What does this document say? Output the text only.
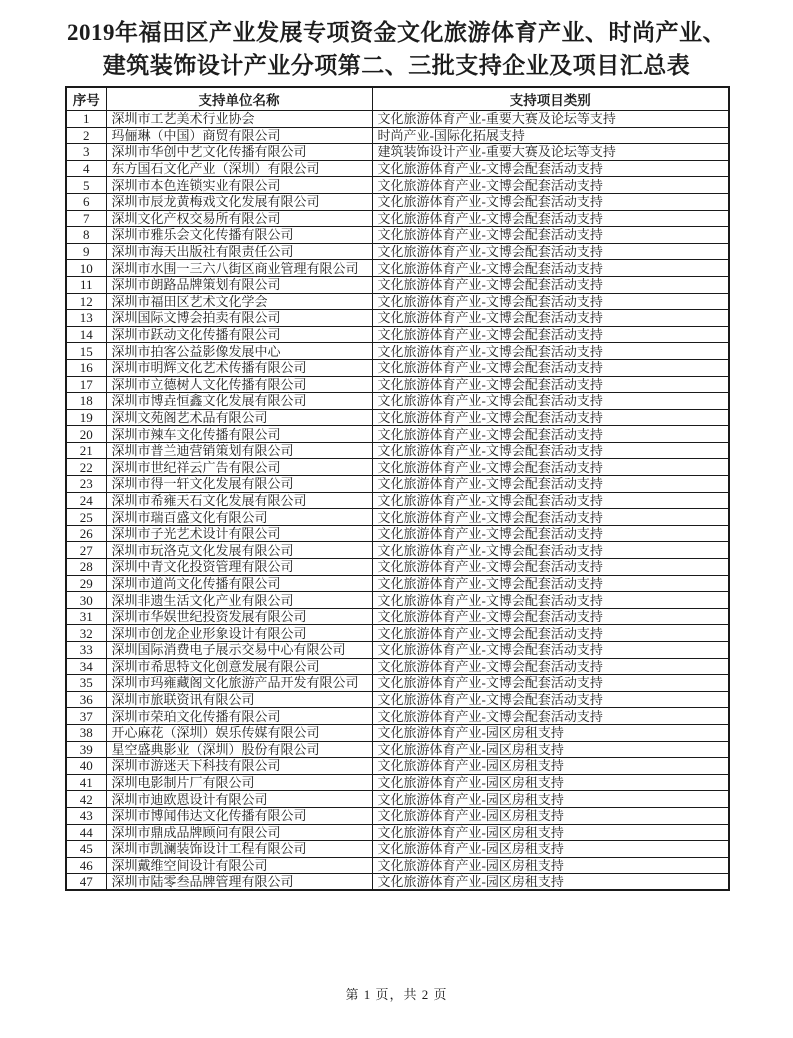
2019年福田区产业发展专项资金文化旅游体育产业、时尚产业、
建筑装饰设计产业分项第二、三批支持企业及项目汇总表
序号	支持单位名称	支持项目类别
1	深圳市工艺美术行业协会	文化旅游体育产业-重要大赛及论坛等支持
2	玛俪琳（中国）商贸有限公司	时尚产业-国际化拓展支持
3	深圳市华创中艺文化传播有限公司	建筑装饰设计产业-重要大赛及论坛等支持
4	东方国石文化产业（深圳）有限公司	文化旅游体育产业-文博会配套活动支持
5	深圳市本色连锁实业有限公司	文化旅游体育产业-文博会配套活动支持
6	深圳市辰龙黄梅戏文化发展有限公司	文化旅游体育产业-文博会配套活动支持
7	深圳文化产权交易所有限公司	文化旅游体育产业-文博会配套活动支持
8	深圳市雅乐会文化传播有限公司	文化旅游体育产业-文博会配套活动支持
9	深圳市海天出版社有限责任公司	文化旅游体育产业-文博会配套活动支持
10	深圳市水围一三六八街区商业管理有限公司	文化旅游体育产业-文博会配套活动支持
11	深圳市朗路品牌策划有限公司	文化旅游体育产业-文博会配套活动支持
12	深圳市福田区艺术文化学会	文化旅游体育产业-文博会配套活动支持
13	深圳国际文博会拍卖有限公司	文化旅游体育产业-文博会配套活动支持
14	深圳市跃动文化传播有限公司	文化旅游体育产业-文博会配套活动支持
15	深圳市拍客公益影像发展中心	文化旅游体育产业-文博会配套活动支持
16	深圳市明辉文化艺术传播有限公司	文化旅游体育产业-文博会配套活动支持
17	深圳市立德树人文化传播有限公司	文化旅游体育产业-文博会配套活动支持
18	深圳市博垚恒鑫文化发展有限公司	文化旅游体育产业-文博会配套活动支持
19	深圳文苑阁艺术品有限公司	文化旅游体育产业-文博会配套活动支持
20	深圳市辣车文化传播有限公司	文化旅游体育产业-文博会配套活动支持
21	深圳市普兰迪营销策划有限公司	文化旅游体育产业-文博会配套活动支持
22	深圳市世纪祥云广告有限公司	文化旅游体育产业-文博会配套活动支持
23	深圳市得一轩文化发展有限公司	文化旅游体育产业-文博会配套活动支持
24	深圳市希雍天石文化发展有限公司	文化旅游体育产业-文博会配套活动支持
25	深圳市瑞百盛文化有限公司	文化旅游体育产业-文博会配套活动支持
26	深圳市子光艺术设计有限公司	文化旅游体育产业-文博会配套活动支持
27	深圳市玩洛克文化发展有限公司	文化旅游体育产业-文博会配套活动支持
28	深圳中青文化投资管理有限公司	文化旅游体育产业-文博会配套活动支持
29	深圳市道尚文化传播有限公司	文化旅游体育产业-文博会配套活动支持
30	深圳非遗生活文化产业有限公司	文化旅游体育产业-文博会配套活动支持
31	深圳市华娱世纪投资发展有限公司	文化旅游体育产业-文博会配套活动支持
32	深圳市创龙企业形象设计有限公司	文化旅游体育产业-文博会配套活动支持
33	深圳国际消费电子展示交易中心有限公司	文化旅游体育产业-文博会配套活动支持
34	深圳市希思特文化创意发展有限公司	文化旅游体育产业-文博会配套活动支持
35	深圳市玛雍藏阁文化旅游产品开发有限公司	文化旅游体育产业-文博会配套活动支持
36	深圳市旅联资讯有限公司	文化旅游体育产业-文博会配套活动支持
37	深圳市荣珀文化传播有限公司	文化旅游体育产业-文博会配套活动支持
38	开心麻花（深圳）娱乐传媒有限公司	文化旅游体育产业-园区房租支持
39	星空盛典影业（深圳）股份有限公司	文化旅游体育产业-园区房租支持
40	深圳市游迷天下科技有限公司	文化旅游体育产业-园区房租支持
41	深圳电影制片厂有限公司	文化旅游体育产业-园区房租支持
42	深圳市迪欧恩设计有限公司	文化旅游体育产业-园区房租支持
43	深圳市博闻伟达文化传播有限公司	文化旅游体育产业-园区房租支持
44	深圳市鼎成品牌顾问有限公司	文化旅游体育产业-园区房租支持
45	深圳市凯澜装饰设计工程有限公司	文化旅游体育产业-园区房租支持
46	深圳戴维空间设计有限公司	文化旅游体育产业-园区房租支持
47	深圳市陆零叁品牌管理有限公司	文化旅游体育产业-园区房租支持
第 1 页，共 2 页
